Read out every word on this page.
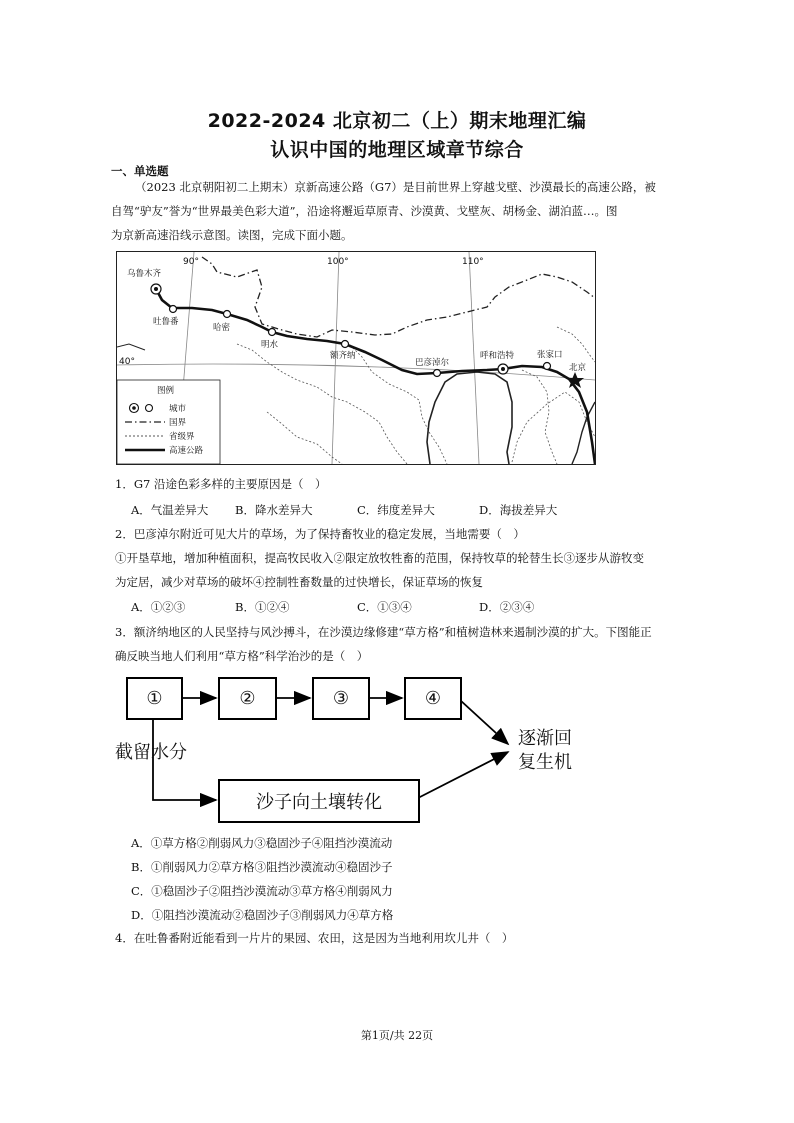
2022-2024 北京初二（上）期末地理汇编
认识中国的地理区域章节综合
一、单选题
（2023 北京朝阳初二上期末）京新高速公路（G7）是目前世界上穿越戈壁、沙漠最长的高速公路，被
自驾“驴友”誉为“世界最美色彩大道”，沿途将邂逅草原青、沙漠黄、戈壁灰、胡杨金、湖泊蓝…。图
为京新高速沿线示意图。读图，完成下面小题。
90°	100°	110°
40°
乌鲁木齐
吐鲁番
哈密
明水
额齐纳
巴彦淖尔
呼和浩特	张家口
北京
图例
城市
国界
省级界
高速公路
1．G7 沿途色彩多样的主要原因是（　）
A．气温差异大 B．降水差异大	C．纬度差异大	D．海拔差异大
2．巴彦淖尔附近可见大片的草场，为了保持畜牧业的稳定发展，当地需要（　）
①开垦草地，增加种植面积，提高牧民收入②限定放牧牲畜的范围，保持牧草的轮替生长③逐步从游牧变
为定居，减少对草场的破坏④控制牲畜数量的过快增长，保证草场的恢复
A．①②③	B．①②④	C．①③④	D．②③④
3．额济纳地区的人民坚持与风沙搏斗，在沙漠边缘修建“草方格”和植树造林来遏制沙漠的扩大。下图能正
确反映当地人们利用“草方格”科学治沙的是（　）
①	②	③	④
截留水分
沙子向土壤转化
逐渐回
复生机
A．①草方格②削弱风力③稳固沙子④阻挡沙漠流动
B．①削弱风力②草方格③阻挡沙漠流动④稳固沙子
C．①稳固沙子②阻挡沙漠流动③草方格④削弱风力
D．①阻挡沙漠流动②稳固沙子③削弱风力④草方格
4．在吐鲁番附近能看到一片片的果园、农田，这是因为当地利用坎儿井（　）
第1页/共 22页
